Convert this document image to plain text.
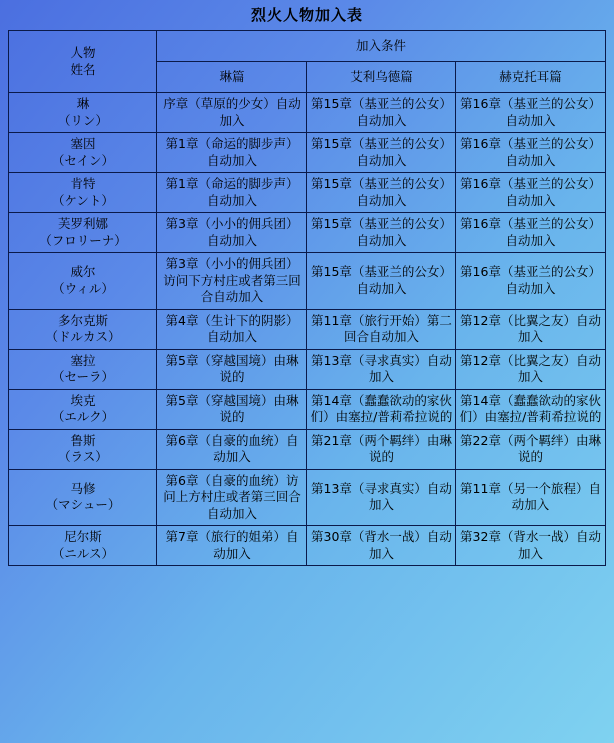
烈火人物加入表
人物
姓名	加入条件		
	琳篇	艾利乌德篇	赫克托耳篇
琳
（リン）	序章（草原的少女）自动加入	第15章（基亚兰的公女）自动加入	第16章（基亚兰的公女）自动加入
塞因
（セイン）	第1章（命运的脚步声）自动加入	第15章（基亚兰的公女）自动加入	第16章（基亚兰的公女）自动加入
肯特
（ケント）	第1章（命运的脚步声）自动加入	第15章（基亚兰的公女）自动加入	第16章（基亚兰的公女）自动加入
芙罗利娜
（フロリーナ）	第3章（小小的佣兵团）自动加入	第15章（基亚兰的公女）自动加入	第16章（基亚兰的公女）自动加入
威尔
（ウィル）	第3章（小小的佣兵团）访问下方村庄或者第三回合自动加入	第15章（基亚兰的公女）自动加入	第16章（基亚兰的公女）自动加入
多尔克斯
（ドルカス）	第4章（生计下的阴影）自动加入	第11章（旅行开始）第二回合自动加入	第12章（比翼之友）自动加入
塞拉
（セーラ）	第5章（穿越国境）由琳说的	第13章（寻求真实）自动加入	第12章（比翼之友）自动加入
埃克
（エルク）	第5章（穿越国境）由琳说的	第14章（蠢蠢欲动的家伙们）由塞拉/普莉希拉说的	第14章（蠢蠢欲动的家伙们）由塞拉/普莉希拉说的
鲁斯
（ラス）	第6章（自豪的血统）自动加入	第21章（两个羁绊）由琳说的	第22章（两个羁绊）由琳说的
马修
（マシュー）	第6章（自豪的血统）访问上方村庄或者第三回合自动加入	第13章（寻求真实）自动加入	第11章（另一个旅程）自动加入
尼尔斯
（ニルス）	第7章（旅行的姐弟）自动加入	第30章（背水一战）自动加入	第32章（背水一战）自动加入
